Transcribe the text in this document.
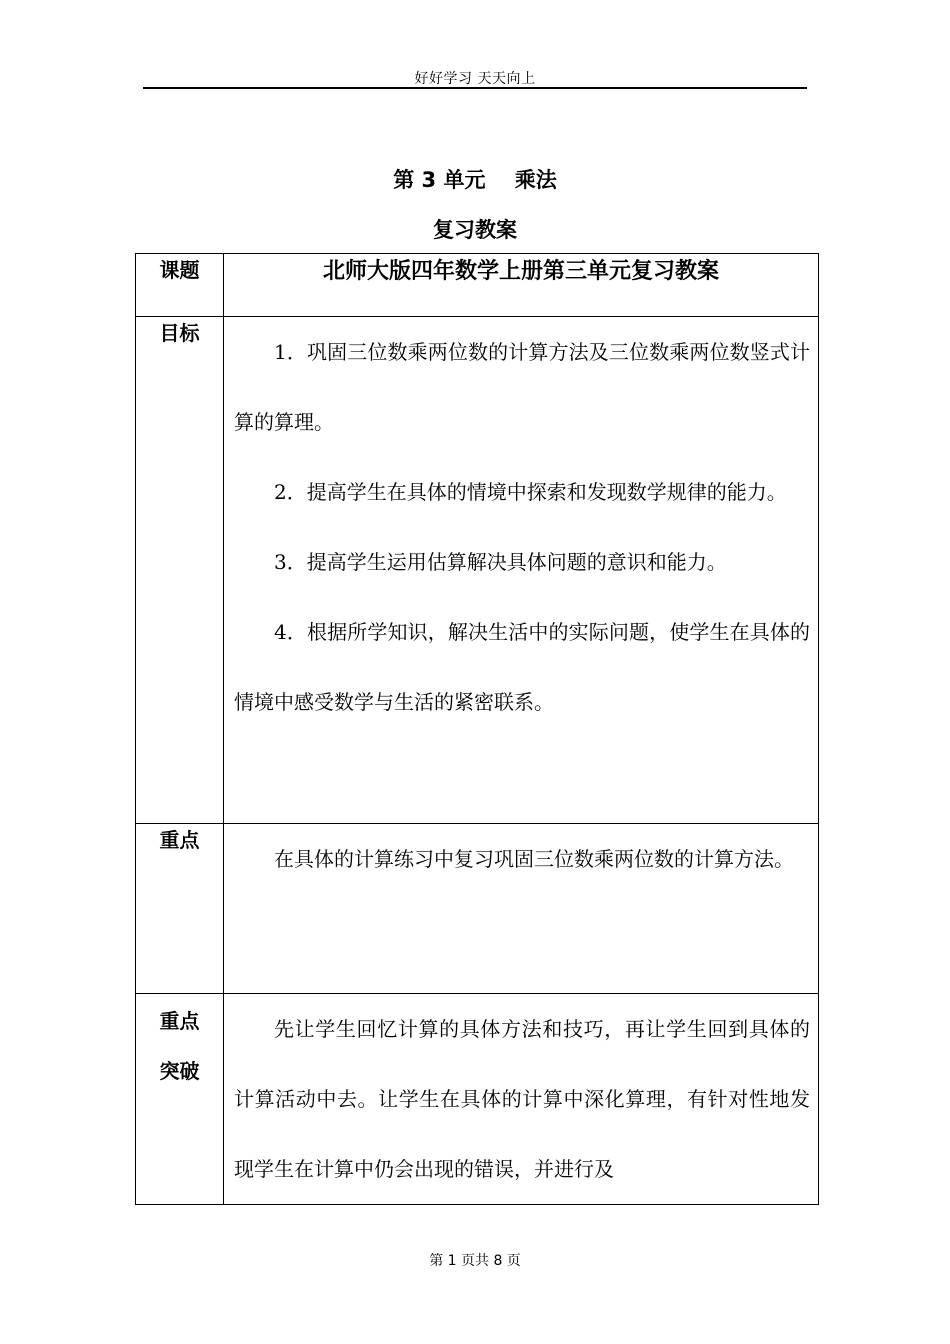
好好学习 天天向上
第 3 单元    乘法
复习教案
课题	北师大版四年数学上册第三单元复习教案
目标	1．巩固三位数乘两位数的计算方法及三位数乘两位数竖式计算的算理。
2．提高学生在具体的情境中探索和发现数学规律的能力。
3．提高学生运用估算解决具体问题的意识和能力。
4．根据所学知识，解决生活中的实际问题，使学生在具体的情境中感受数学与生活的紧密联系。

重点	在具体的计算练习中复习巩固三位数乘两位数的计算方法。

重点
突破	先让学生回忆计算的具体方法和技巧，再让学生回到具体的计算活动中去。让学生在具体的计算中深化算理，有针对性地发现学生在计算中仍会出现的错误，并进行及
第 1 页共 8 页
